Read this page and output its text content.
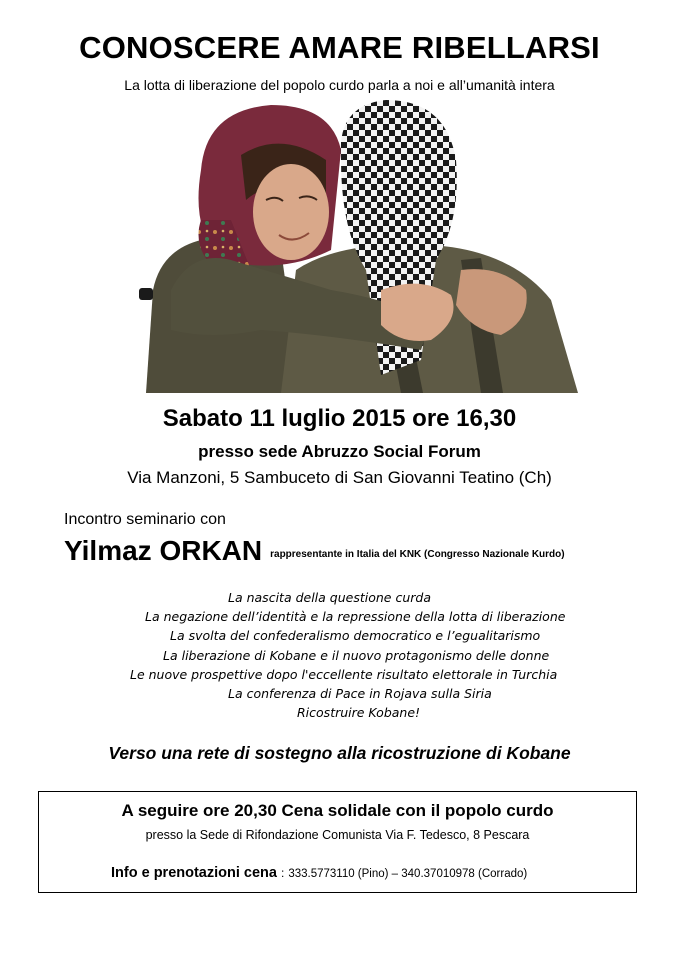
CONOSCERE AMARE RIBELLARSI
La lotta di liberazione del popolo curdo parla a noi e all’umanità intera
Sabato 11 luglio 2015 ore 16,30
presso sede Abruzzo Social Forum
Via Manzoni, 5 Sambuceto di San Giovanni Teatino (Ch)
Incontro seminario con
Yilmaz ORKAN rappresentante in Italia del KNK (Congresso Nazionale Kurdo)
La nascita della questione curda
La negazione dell’identità e la repressione della lotta di liberazione
La svolta del confederalismo democratico e l’egualitarismo
La liberazione di Kobane e il nuovo protagonismo delle donne
Le nuove prospettive dopo l'eccellente risultato elettorale in Turchia
La conferenza di Pace in Rojava sulla Siria
Ricostruire Kobane!
Verso una rete di sostegno alla ricostruzione di Kobane
A seguire ore 20,30 Cena solidale con il popolo curdo
presso la Sede di Rifondazione Comunista Via F. Tedesco, 8 Pescara
Info e prenotazioni cena : 333.5773110 (Pino) – 340.37010978 (Corrado)
